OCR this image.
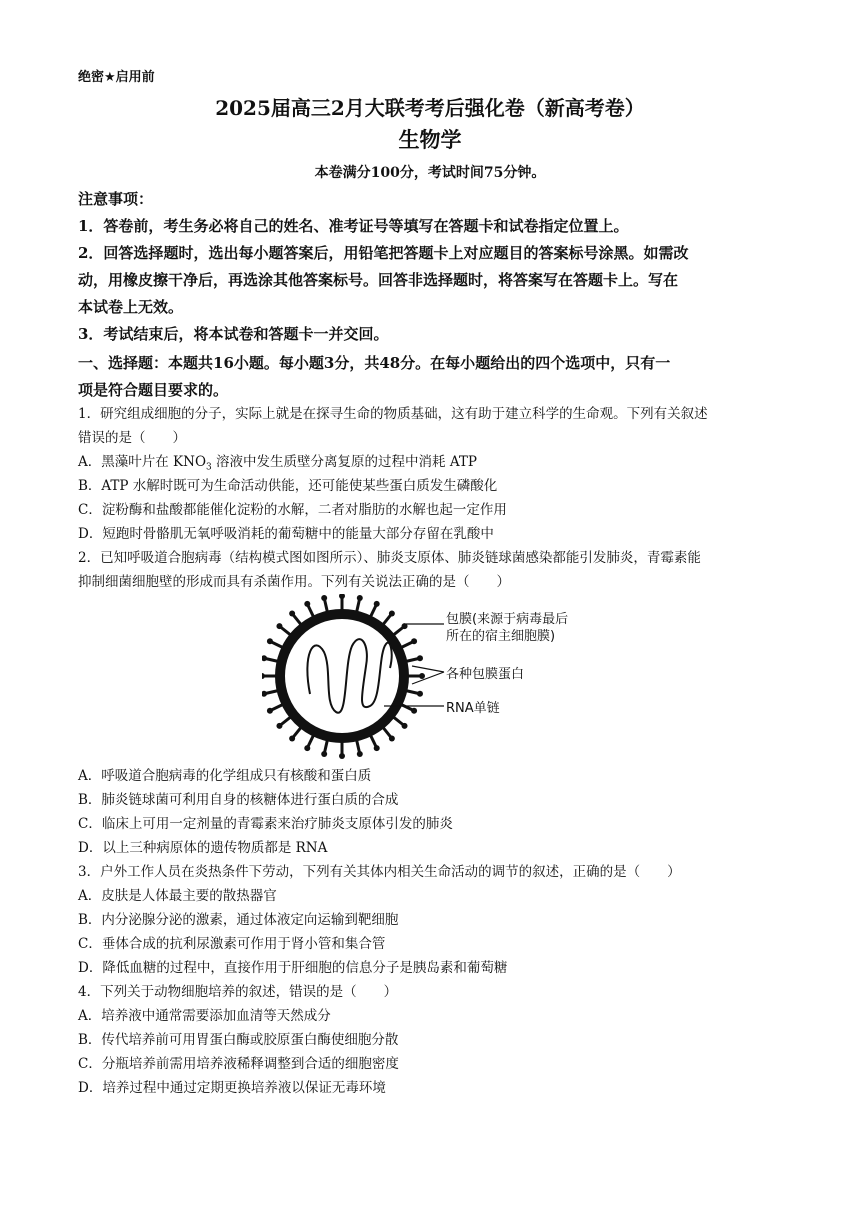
绝密★启用前
2025届高三2月大联考考后强化卷（新高考卷）
生物学
本卷满分100分，考试时间75分钟。
注意事项：
1．答卷前，考生务必将自己的姓名、准考证号等填写在答题卡和试卷指定位置上。
2．回答选择题时，选出每小题答案后，用铅笔把答题卡上对应题目的答案标号涂黑。如需改
动，用橡皮擦干净后，再选涂其他答案标号。回答非选择题时，将答案写在答题卡上。写在
本试卷上无效。
3．考试结束后，将本试卷和答题卡一并交回。
一、选择题：本题共16小题。每小题3分，共48分。在每小题给出的四个选项中，只有一
项是符合题目要求的。
1．研究组成细胞的分子，实际上就是在探寻生命的物质基础，这有助于建立科学的生命观。下列有关叙述
错误的是（　　）
A．黑藻叶片在 $KNO_3$ 溶液中发生质壁分离复原的过程中消耗 ATP
B．ATP 水解时既可为生命活动供能，还可能使某些蛋白质发生磷酸化
C．淀粉酶和盐酸都能催化淀粉的水解，二者对脂肪的水解也起一定作用
D．短跑时骨骼肌无氧呼吸消耗的葡萄糖中的能量大部分存留在乳酸中
2．已知呼吸道合胞病毒（结构模式图如图所示）、肺炎支原体、肺炎链球菌感染都能引发肺炎，青霉素能
抑制细菌细胞壁的形成而具有杀菌作用。下列有关说法正确的是（　　）
包膜(来源于病毒最后
所在的宿主细胞膜)
各种包膜蛋白
RNA单链
A．呼吸道合胞病毒的化学组成只有核酸和蛋白质
B．肺炎链球菌可利用自身的核糖体进行蛋白质的合成
C．临床上可用一定剂量的青霉素来治疗肺炎支原体引发的肺炎
D．以上三种病原体的遗传物质都是 RNA
3．户外工作人员在炎热条件下劳动，下列有关其体内相关生命活动的调节的叙述，正确的是（　　）
A．皮肤是人体最主要的散热器官
B．内分泌腺分泌的激素，通过体液定向运输到靶细胞
C．垂体合成的抗利尿激素可作用于肾小管和集合管
D．降低血糖的过程中，直接作用于肝细胞的信息分子是胰岛素和葡萄糖
4．下列关于动物细胞培养的叙述，错误的是（　　）
A．培养液中通常需要添加血清等天然成分
B．传代培养前可用胃蛋白酶或胶原蛋白酶使细胞分散
C．分瓶培养前需用培养液稀释调整到合适的细胞密度
D．培养过程中通过定期更换培养液以保证无毒环境
